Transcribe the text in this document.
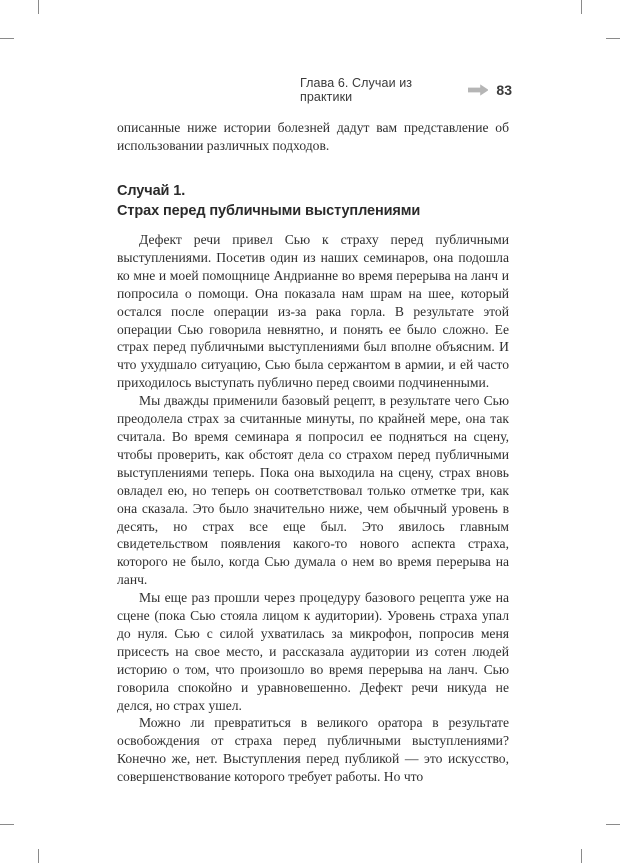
Глава 6. Случаи из практики	83

описанные ниже истории болезней дадут вам представление об использовании различных подходов.

Случай 1.
Страх перед публичными выступлениями

Дефект речи привел Сью к страху перед публичными выступлениями. Посетив один из наших семинаров, она подошла ко мне и моей помощнице Андрианне во время перерыва на ланч и попросила о помощи. Она показала нам шрам на шее, который остался после операции из-за рака горла. В результате этой операции Сью говорила невнятно, и понять ее было сложно. Ее страх перед публичными выступлениями был вполне объясним. И что ухудшало ситуацию, Сью была сержантом в армии, и ей часто приходилось выступать публично перед своими подчиненными.

Мы дважды применили базовый рецепт, в результате чего Сью преодолела страх за считанные минуты, по крайней мере, она так считала. Во время семинара я попросил ее подняться на сцену, чтобы проверить, как обстоят дела со страхом перед публичными выступлениями теперь. Пока она выходила на сцену, страх вновь овладел ею, но теперь он соответствовал только отметке три, как она сказала. Это было значительно ниже, чем обычный уровень в десять, но страх все еще был. Это явилось главным свидетельством появления какого-то нового аспекта страха, которого не было, когда Сью думала о нем во время перерыва на ланч.

Мы еще раз прошли через процедуру базового рецепта уже на сцене (пока Сью стояла лицом к аудитории). Уровень страха упал до нуля. Сью с силой ухватилась за микрофон, попросив меня присесть на свое место, и рассказала аудитории из сотен людей историю о том, что произошло во время перерыва на ланч. Сью говорила спокойно и уравновешенно. Дефект речи никуда не делся, но страх ушел.

Можно ли превратиться в великого оратора в результате освобождения от страха перед публичными выступлениями? Конечно же, нет. Выступления перед публикой — это искусство, совершенствование которого требует работы. Но что
